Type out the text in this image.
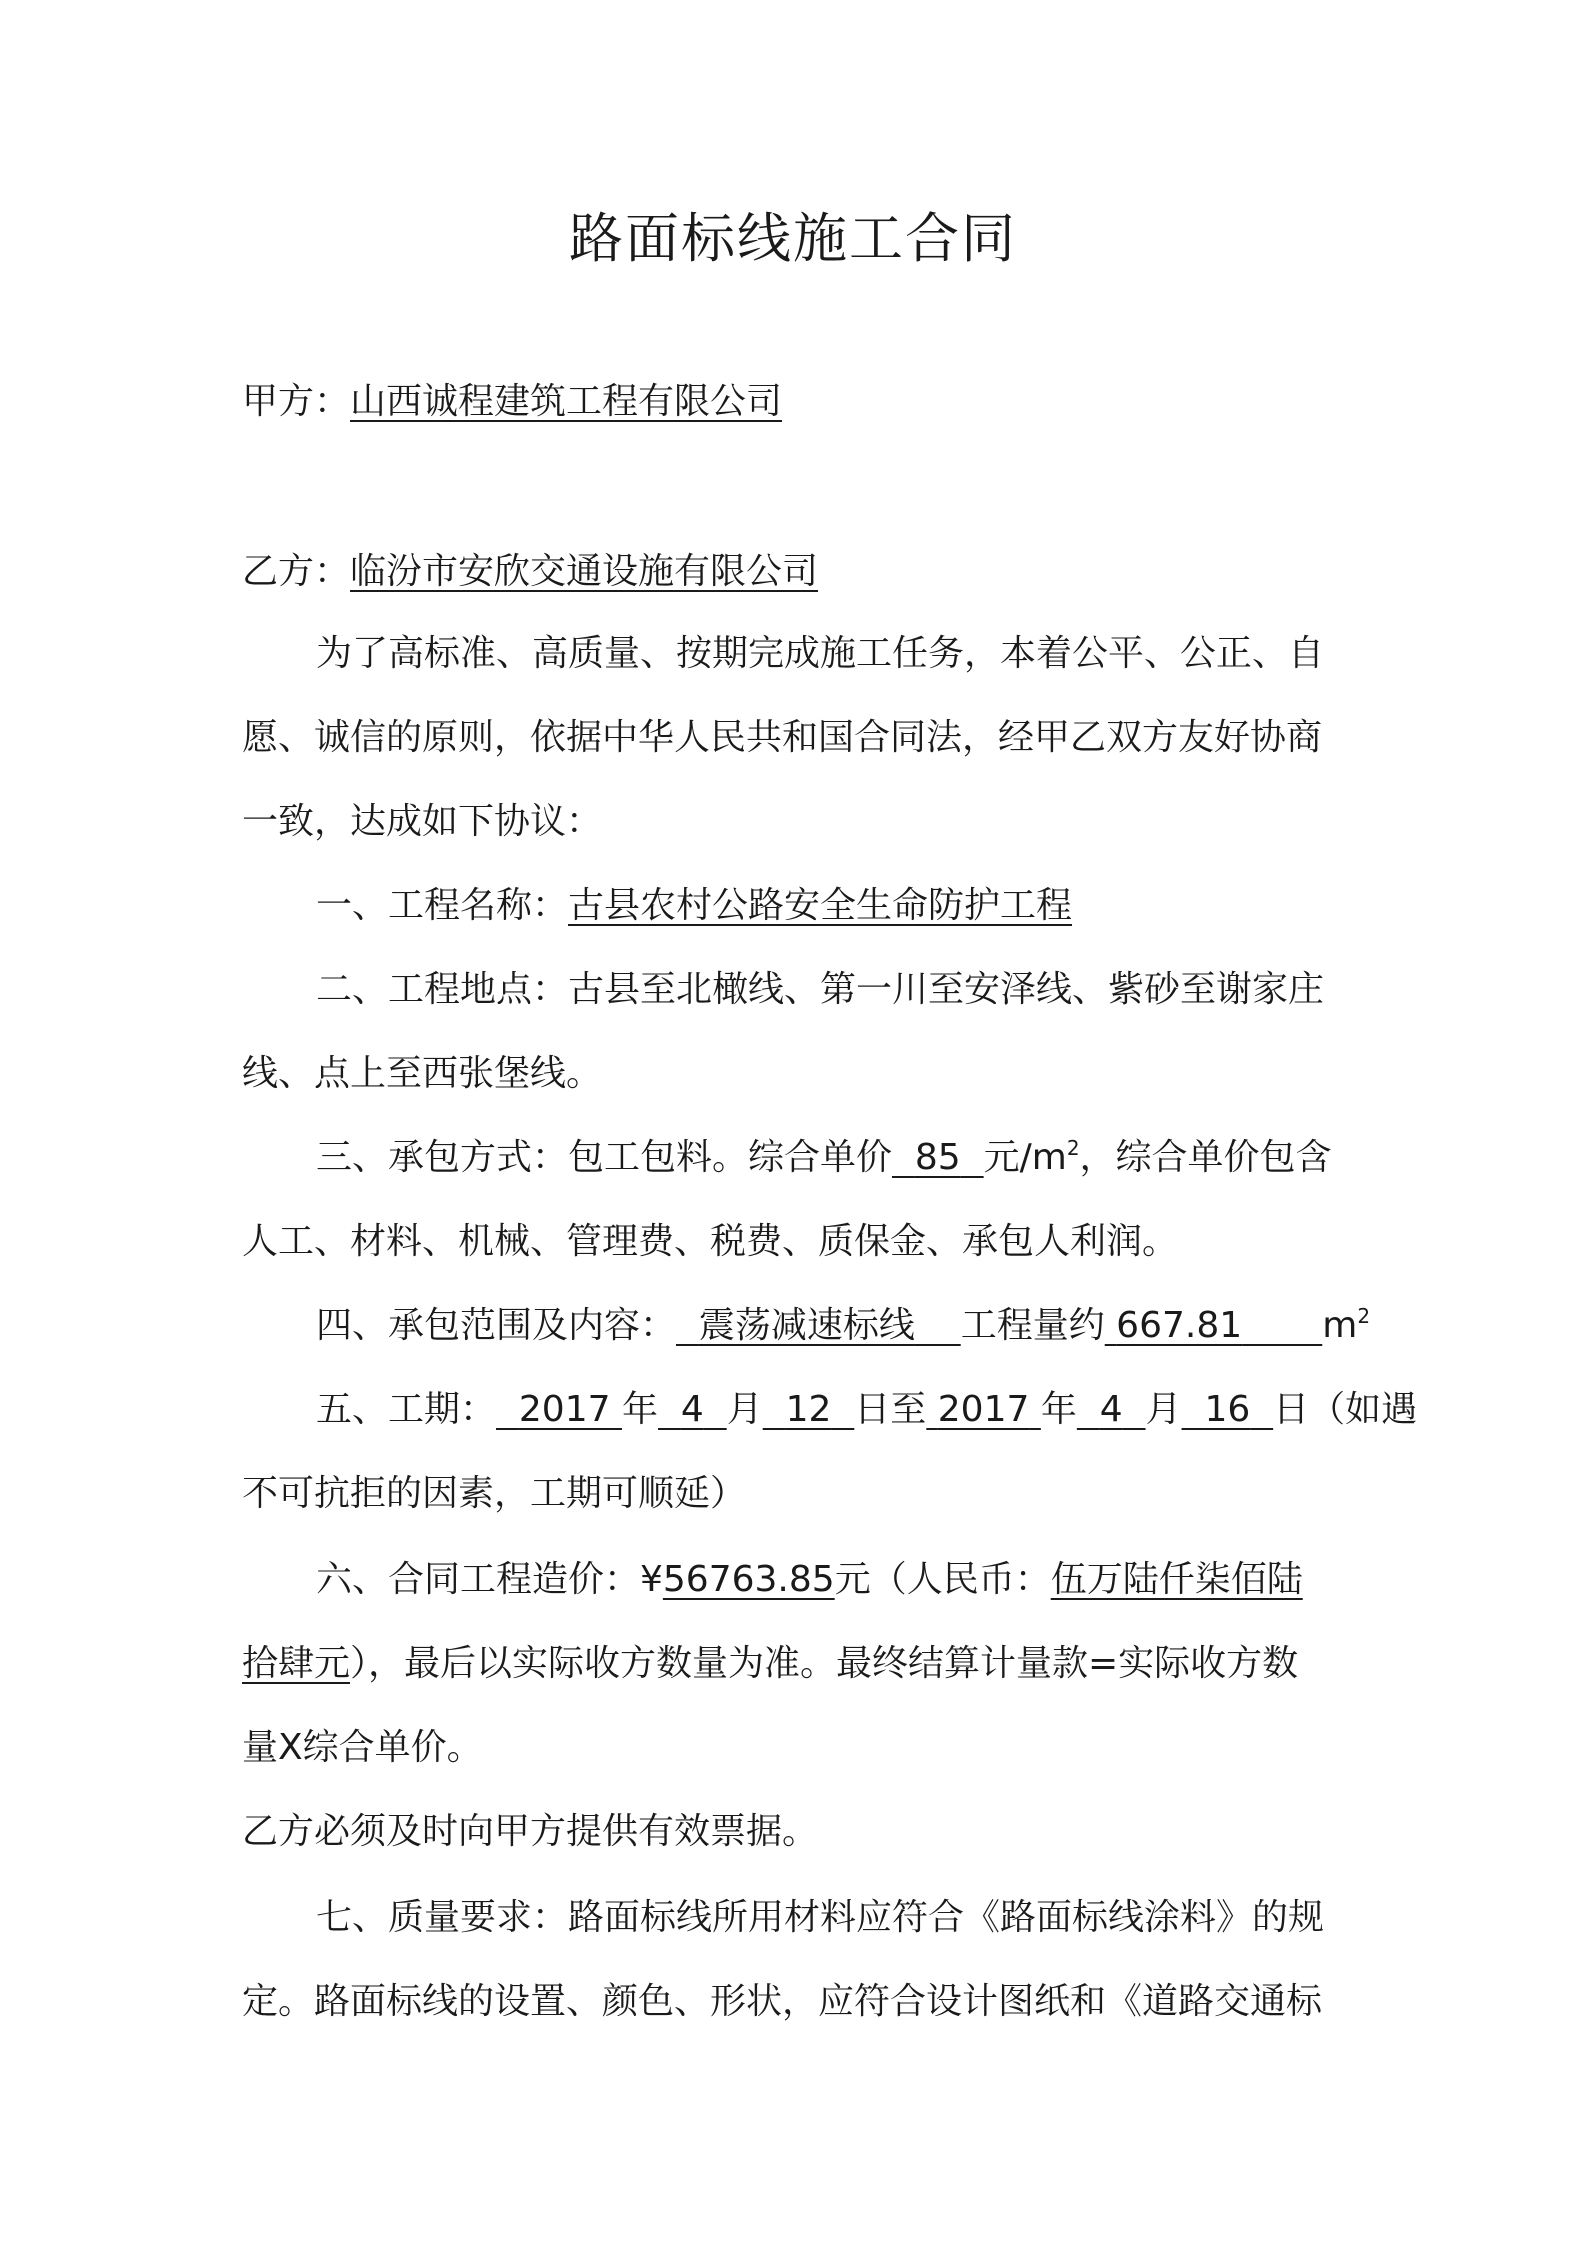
路面标线施工合同
甲方：山西诚程建筑工程有限公司
乙方：临汾市安欣交通设施有限公司
为了高标准、高质量、按期完成施工任务，本着公平、公正、自
愿、诚信的原则，依据中华人民共和国合同法，经甲乙双方友好协商
一致，达成如下协议：
一、工程名称：古县农村公路安全生命防护工程
二、工程地点：古县至北橄线、第一川至安泽线、紫砂至谢家庄
线、点上至西张堡线。
三、承包方式：包工包料。综合单价 85 元$/m^2$，综合单价包含
人工、材料、机械、管理费、税费、质保金、承包人利润。
四、承包范围及内容： 震荡减速标线 工程量约 667.81 $m^2$
五、工期： 2017 年 4 月 12 日至 2017 年 4 月 16 日（如遇
不可抗拒的因素，工期可顺延）
六、合同工程造价：¥56763.85元（人民币：伍万陆仟柒佰陆
拾肆元），最后以实际收方数量为准。最终结算计量款=实际收方数
量Ⅹ综合单价。
乙方必须及时向甲方提供有效票据。
七、质量要求：路面标线所用材料应符合《路面标线涂料》的规
定。路面标线的设置、颜色、形状，应符合设计图纸和《道路交通标
